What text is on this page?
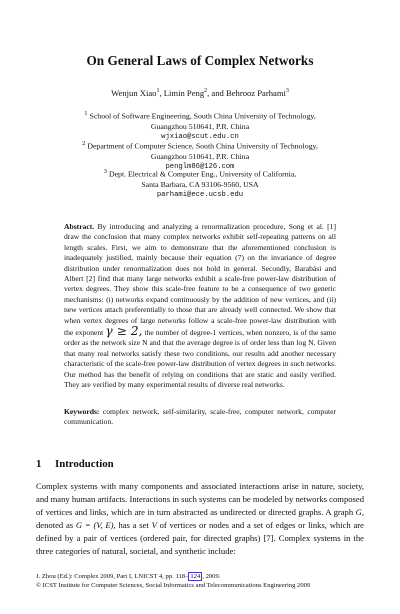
On General Laws of Complex Networks
Wenjun Xiao$^1$, Limin Peng$^2$, and Behrooz Parhami$^3$
$^1$ School of Software Engineering, South China University of Technology,
Guangzhou 510641, P.R. China
wjxiao@scut.edu.cn
$^2$ Department of Computer Science, South China University of Technology,
Guangzhou 510641, P.R. China
penglm86@126.com
$^3$ Dept. Electrical & Computer Eng., University of California,
Santa Barbara, CA 93106-9560, USA
parhami@ece.ucsb.edu
Abstract. By introducing and analyzing a renormalization procedure, Song et al. [1] draw the conclusion that many complex networks exhibit self-repeating patterns on all length scales. First, we aim to demonstrate that the aforementioned conclusion is inadequately justified, mainly because their equation (7) on the invariance of degree distribution under renormalization does not hold in general. Secondly, Barabási and Albert [2] find that many large networks exhibit a scale-free power-law distribution of vertex degrees. They show this scale-free feature to be a consequence of two generic mechanisms: (i) networks expand continuously by the addition of new vertices, and (ii) new vertices attach preferentially to those that are already well connected. We show that when vertex degrees of large networks follow a scale-free power-law distribution with the exponent γ ≥ 2, the number of degree-1 vertices, when nonzero, is of the same order as the network size N and that the average degree is of order less than log N. Given that many real networks satisfy these two conditions, our results add another necessary characteristic of the scale-free power-law distribution of vertex degrees in such networks. Our method has the benefit of relying on conditions that are static and easily verified. They are verified by many experimental results of diverse real networks.
Keywords: complex network, self-similarity, scale-free, computer network, computer communication.
1 Introduction
Complex systems with many components and associated interactions arise in nature, society, and many human artifacts. Interactions in such systems can be modeled by networks composed of vertices and links, which are in turn abstracted as undirected or directed graphs. A graph G, denoted as G = (V, E), has a set V of vertices or nodes and a set of edges or links, which are defined by a pair of vertices (ordered pair, for directed graphs) [7]. Complex systems in the three categories of natural, societal, and synthetic include:
J. Zhou (Ed.): Complex 2009, Part I, LNICST 4, pp. 118– 124 , 2009.
© ICST Institute for Computer Sciences, Social Informatics and Telecommunications Engineering 2009
